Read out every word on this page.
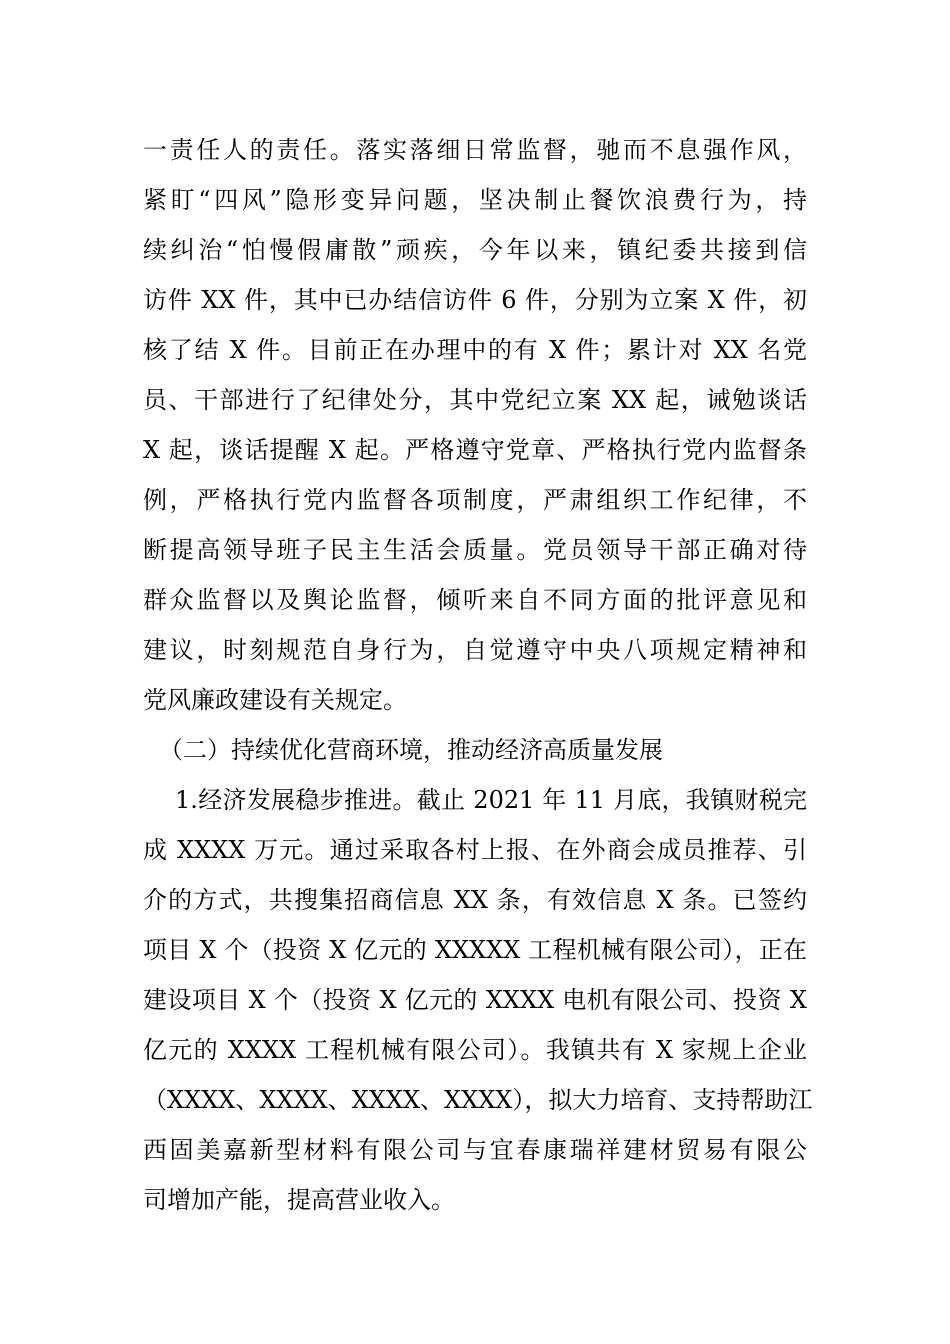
一责任人的责任。落实落细日常监督，驰而不息强作风，
紧盯“四风”隐形变异问题，坚决制止餐饮浪费行为，持
续纠治“怕慢假庸散”顽疾，今年以来，镇纪委共接到信
访件 XX 件，其中已办结信访件 6 件，分别为立案 X 件，初
核了结 X 件。目前正在办理中的有 X 件；累计对 XX 名党
员、干部进行了纪律处分，其中党纪立案 XX 起，诫勉谈话
X 起，谈话提醒 X 起。严格遵守党章、严格执行党内监督条
例，严格执行党内监督各项制度，严肃组织工作纪律，不
断提高领导班子民主生活会质量。党员领导干部正确对待
群众监督以及舆论监督，倾听来自不同方面的批评意见和
建议，时刻规范自身行为，自觉遵守中央八项规定精神和
党风廉政建设有关规定。
（二）持续优化营商环境，推动经济高质量发展
1.经济发展稳步推进。截止 2021 年 11 月底，我镇财税完
成 XXXX 万元。通过采取各村上报、在外商会成员推荐、引
介的方式，共搜集招商信息 XX 条，有效信息 X 条。已签约
项目 X 个（投资 X 亿元的 XXXXX 工程机械有限公司），正在
建设项目 X 个（投资 X 亿元的 XXXX 电机有限公司、投资 X
亿元的 XXXX 工程机械有限公司）。我镇共有 X 家规上企业
（XXXX、XXXX、XXXX、XXXX），拟大力培育、支持帮助江
西固美嘉新型材料有限公司与宜春康瑞祥建材贸易有限公
司增加产能，提高营业收入。
